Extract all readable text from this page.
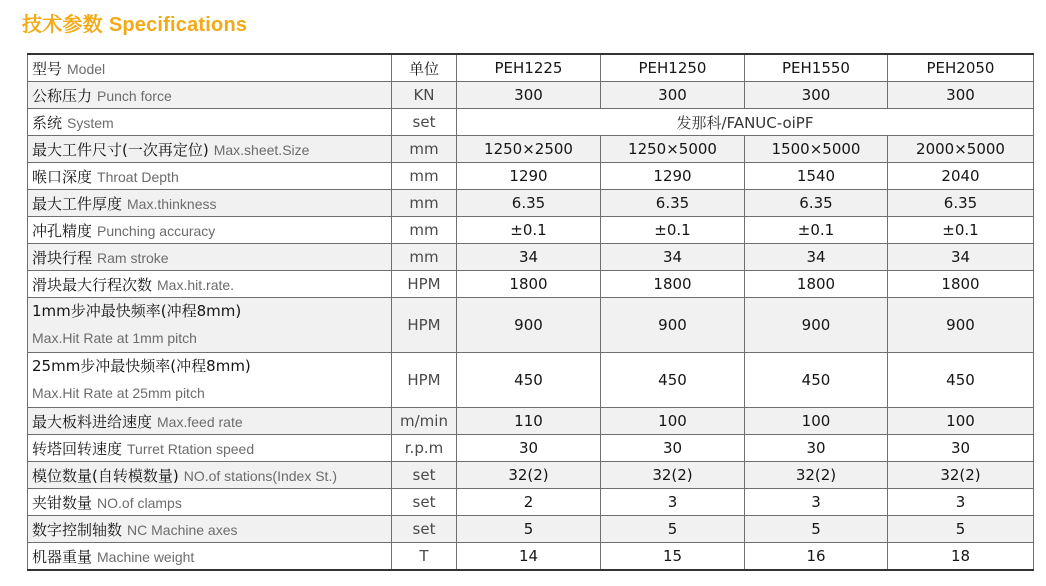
技术参数 Specifications
型号 Model	单位	PEH1225	PEH1250	PEH1550	PEH2050
公称压力 Punch force	KN	300	300	300	300
系统 System	set	发那科/FANUC-oiPF			
最大工件尺寸(一次再定位) Max.sheet.Size	mm	1250×2500	1250×5000	1500×5000	2000×5000
喉口深度 Throat Depth	mm	1290	1290	1540	2040
最大工件厚度 Max.thinkness	mm	6.35	6.35	6.35	6.35
冲孔精度 Punching accuracy	mm	±0.1	±0.1	±0.1	±0.1
滑块行程 Ram stroke	mm	34	34	34	34
滑块最大行程次数 Max.hit.rate.	HPM	1800	1800	1800	1800

1mm步冲最快频率(冲程8mm)
Max.Hit Rate at 1mm pitch	HPM	900	900	900	900

25mm步冲最快频率(冲程8mm)
Max.Hit Rate at 25mm pitch	HPM	450	450	450	450
最大板料进给速度 Max.feed rate	m/min	110	100	100	100
转塔回转速度 Turret Rtation speed	r.p.m	30	30	30	30
模位数量(自转模数量) NO.of stations(Index St.)	set	32(2)	32(2)	32(2)	32(2)
夹钳数量 NO.of clamps	set	2	3	3	3
数字控制轴数 NC Machine axes	set	5	5	5	5
机器重量 Machine weight	T	14	15	16	18
